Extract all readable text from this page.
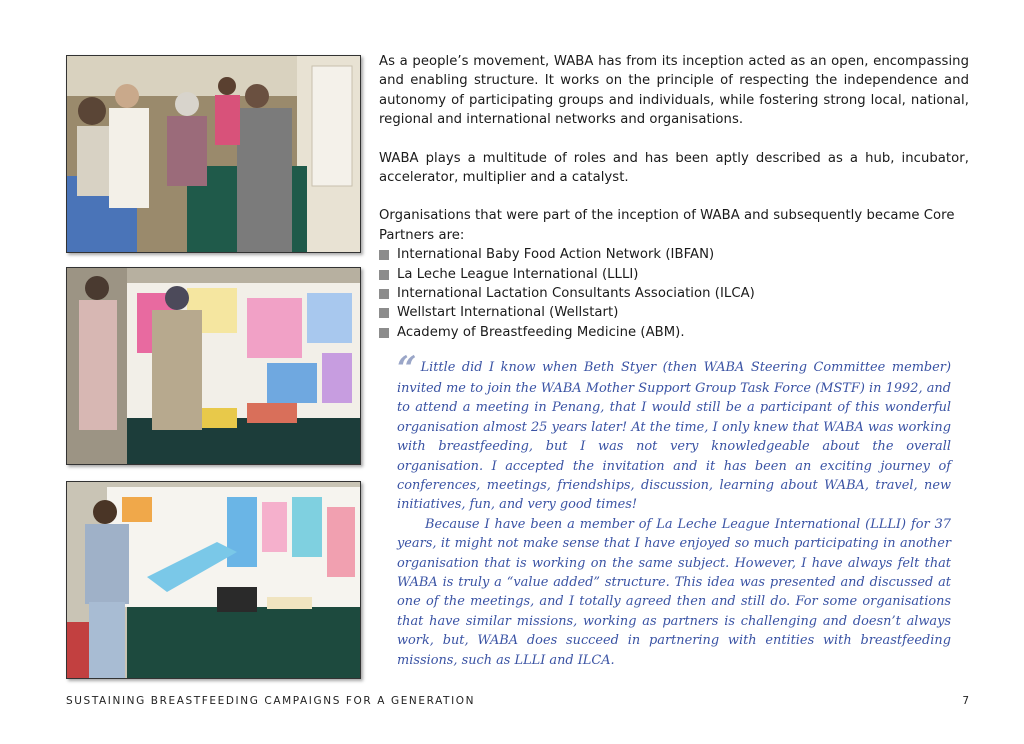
As a people’s movement, WABA has from its inception acted as an open, encompassing and enabling structure. It works on the principle of respecting the independence and autonomy of participating groups and individuals, while fostering strong local, national, regional and international networks and organisations.

WABA plays a multitude of roles and has been aptly described as a hub, incubator, accelerator, multiplier and a catalyst.

Organisations that were part of the inception of WABA and subsequently became Core Partners are:

International Baby Food Action Network (IBFAN)
La Leche League International (LLLI)
International Lactation Consultants Association (ILCA)
Wellstart International (Wellstart)
Academy of Breastfeeding Medicine (ABM).

“ Little did I know when Beth Styer (then WABA Steering Committee member) invited me to join the WABA Mother Support Group Task Force (MSTF) in 1992, and to attend a meeting in Penang, that I would still be a participant of this wonderful organisation almost 25 years later! At the time, I only knew that WABA was working with breastfeeding, but I was not very knowledgeable about the overall organisation. I accepted the invitation and it has been an exciting journey of conferences, meetings, friendships, discussion, learning about WABA, travel, new initiatives, fun, and very good times!

Because I have been a member of La Leche League International (LLLI) for 37 years, it might not make sense that I have enjoyed so much participating in another organisation that is working on the same subject. However, I have always felt that WABA is truly a “value added” structure. This idea was presented and discussed at one of the meetings, and I totally agreed then and still do. For some organisations that have similar missions, working as partners is challenging and doesn’t always work, but, WABA does succeed in partnering with entities with breastfeeding missions, such as LLLI and ILCA.

SUSTAINING BREASTFEEDING CAMPAIGNS FOR A GENERATION	7
